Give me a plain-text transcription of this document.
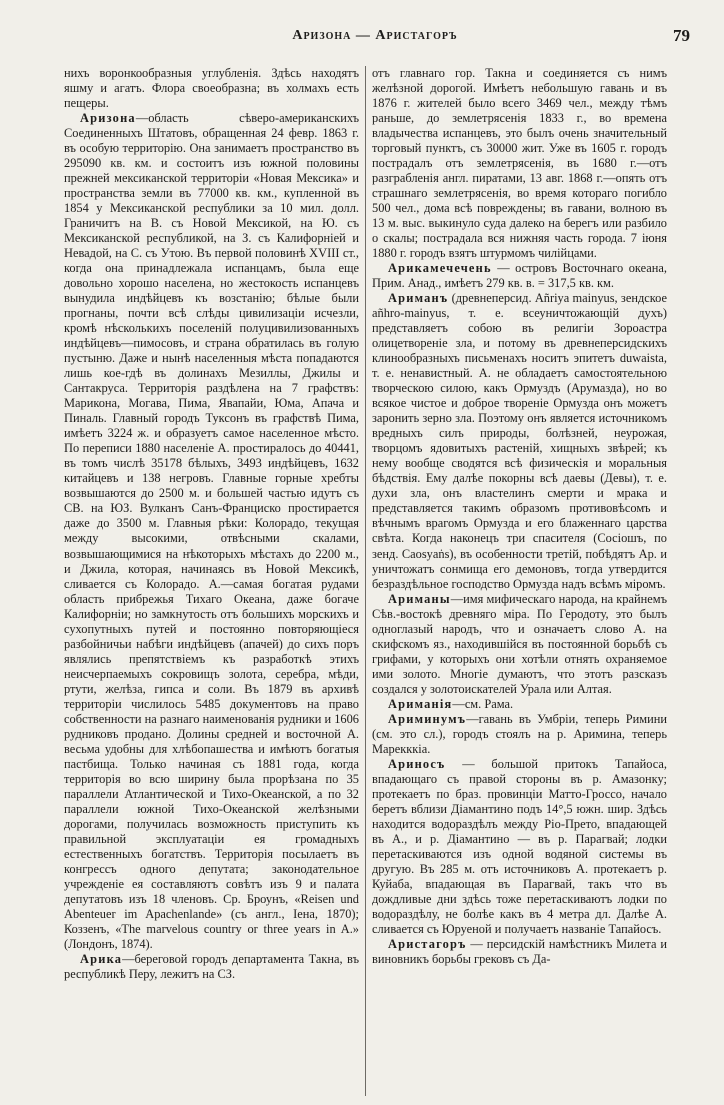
Аризона — Аристагоръ	79

нихъ воронкообразныя углубленія. Здѣсь находятъ яшму и агатъ. Флора своеобразна; въ холмахъ есть пещеры.

Аризона—область сѣверо-американскихъ Соединенныхъ Штатовъ, обращенная 24 февр. 1863 г. въ особую территорію. Она занимаетъ пространство въ 295090 кв. км. и состоитъ изъ южной половины прежней мексиканской территоріи «Новая Мексика» и пространства земли въ 77000 кв. км., купленной въ 1854 у Мексиканской республики за 10 мил. долл. Граничитъ на В. съ Новой Мексикой, на Ю. съ Мексиканской республикой, на З. съ Калифорніей и Невадой, на С. съ Утою. Въ первой половинѣ XVIII ст., когда она принадлежала испанцамъ, была еще довольно хорошо населена, но жестокость испанцевъ вынудила индѣйцевъ къ возстанію; бѣлые были прогнаны, почти всѣ слѣды цивилизаціи исчезли, кромѣ нѣсколькихъ поселеній полуцивилизованныхъ индѣйцевъ—пимосовъ, и страна обратилась въ голую пустыню. Даже и нынѣ населенныя мѣста попадаются лишь кое-гдѣ въ долинахъ Мезиллы, Джилы и Сантакруса. Территорія раздѣлена на 7 графствъ: Марикона, Могава, Пима, Явапайи, Юма, Апача и Пиналь. Главный городъ Туксонъ въ графствѣ Пима, имѣетъ 3224 ж. и образуетъ самое населенное мѣсто. По переписи 1880 населеніе А. простиралось до 40441, въ томъ числѣ 35178 бѣлыхъ, 3493 индѣйцевъ, 1632 китайцевъ и 138 негровъ. Главные горные хребты возвышаются до 2500 м. и большей частью идутъ съ СВ. на ЮЗ. Вулканъ Санъ-Франциско простирается даже до 3500 м. Главныя рѣки: Колорадо, текущая между высокими, отвѣсными скалами, возвышающимися на нѣкоторыхъ мѣстахъ до 2200 м., и Джила, которая, начинаясь въ Новой Мексикѣ, сливается съ Колорадо. А.—самая богатая рудами область прибрежья Тихаго Океана, даже богаче Калифорніи; но замкнутость отъ большихъ морскихъ и сухопутныхъ путей и постоянно повторяющіеся разбойничьи набѣги индѣйцевъ (апачей) до сихъ поръ являлись препятствіемъ къ разработкѣ этихъ неисчерпаемыхъ сокровищъ золота, серебра, мѣди, ртути, желѣза, гипса и соли. Въ 1879 въ архивѣ территоріи числилось 5485 документовъ на право собственности на разнаго наименованія рудники и 1606 рудниковъ продано. Долины средней и восточной А. весьма удобны для хлѣбопашества и имѣютъ богатыя пастбища. Только начиная съ 1881 года, когда территорія во всю ширину была прорѣзана по 35 параллели Атлантической и Тихо-Океанской, а по 32 параллели южной Тихо-Океанской желѣзными дорогами, получилась возможность приступить къ правильной эксплуатаціи ея громадныхъ естественныхъ богатствъ. Территорія посылаетъ въ конгрессъ одного депутата; законодательное учрежденіе ея составляютъ совѣтъ изъ 9 и палата депутатовъ изъ 18 членовъ. Ср. Броунъ, «Reisen und Abenteuer im Apachenlande» (съ англ., Iена, 1870); Коззенъ, «The marvelous country or three years in A.» (Лондонъ, 1874).

Арика—береговой городъ департамента Такна, въ республикѣ Перу, лежитъ на СЗ.

отъ главнаго гор. Такна и соединяется съ нимъ желѣзной дорогой. Имѣетъ небольшую гавань и въ 1876 г. жителей было всего 3469 чел., между тѣмъ раньше, до землетрясенія 1833 г., во времена владычества испанцевъ, это былъ очень значительный торговый пунктъ, съ 30000 жит. Уже въ 1605 г. городъ пострадалъ отъ землетрясенія, въ 1680 г.—отъ разграбленія англ. пиратами, 13 авг. 1868 г.—опять отъ страшнаго землетрясенія, во время котораго погибло 500 чел., дома всѣ повреждены; въ гавани, волною въ 13 м. выс. выкинуло суда далеко на берегъ или разбило о скалы; пострадала вся нижняя часть города. 7 іюня 1880 г. городъ взятъ штурмомъ чилійцами.

Арикамечечень — островъ Восточнаго океана, Прим. Анад., имѣетъ 279 кв. в. = 317,5 кв. км.

Ариманъ (древнеперсид. Añriya mainyus, зендское añhro-mainyus, т. е. всеуничтожающій духъ) представляетъ собою въ религіи Зороастра олицетвореніе зла, и потому въ древнеперсидскихъ клинообразныхъ письменахъ носитъ эпитетъ duwaista, т. е. ненавистный. А. не обладаетъ самостоятельною творческою силою, какъ Ормуздъ (Арумазда), но во всякое чистое и доброе твореніе Ормузда онъ можетъ заронить зерно зла. Поэтому онъ является источникомъ вредныхъ силъ природы, болѣзней, неурожая, творцомъ ядовитыхъ растеній, хищныхъ звѣрей; къ нему вообще сводятся всѣ физическія и моральныя бѣдствія. Ему далѣе покорны всѣ даевы (Девы), т. е. духи зла, онъ властелинъ смерти и мрака и представляется такимъ образомъ противовѣсомъ и вѣчнымъ врагомъ Ормузда и его блаженнаго царства свѣта. Когда наконецъ три спасителя (Сосіошъ, по зенд. Caosyaṅs), въ особенности третій, побѣдятъ Ар. и уничтожатъ сонмища его демоновъ, тогда утвердится безраздѣльное господство Ормузда надъ всѣмъ міромъ.

Ариманы—имя мифическаго народа, на крайнемъ Сѣв.-востокѣ древняго міра. По Геродоту, это былъ одноглазый народъ, что и означаетъ слово А. на скифскомъ яз., находившійся въ постоянной борьбѣ съ грифами, у которыхъ они хотѣли отнять охраняемое ими золото. Многіе думаютъ, что этотъ разсказъ создался у золотоискателей Урала или Алтая.

Ариманія—см. Рама.

Ариминумъ—гавань въ Умбріи, теперь Римини (см. это сл.), городъ стоялъ на р. Аримина, теперь Марекккіа.

Ариносъ — большой притокъ Тапайоса, впадающаго съ правой стороны въ р. Амазонку; протекаетъ по браз. провинціи Матто-Гроссо, начало беретъ вблизи Діамантино подъ 14°,5 южн. шир. Здѣсь находится водораздѣлъ между Ріо-Прето, впадающей въ А., и р. Діамантино — въ р. Парагвай; лодки перетаскиваются изъ одной водяной системы въ другую. Въ 285 м. отъ источниковъ А. протекаетъ р. Куйаба, впадающая въ Парагвай, такъ что въ дождливые дни здѣсь тоже перетаскиваютъ лодки по водораздѣлу, не болѣе какъ въ 4 метра дл. Далѣе А. сливается съ Юруеной и получаетъ названіе Тапайосъ.

Аристагоръ — персидскій намѣстникъ Милета и виновникъ борьбы грековъ съ Да-
